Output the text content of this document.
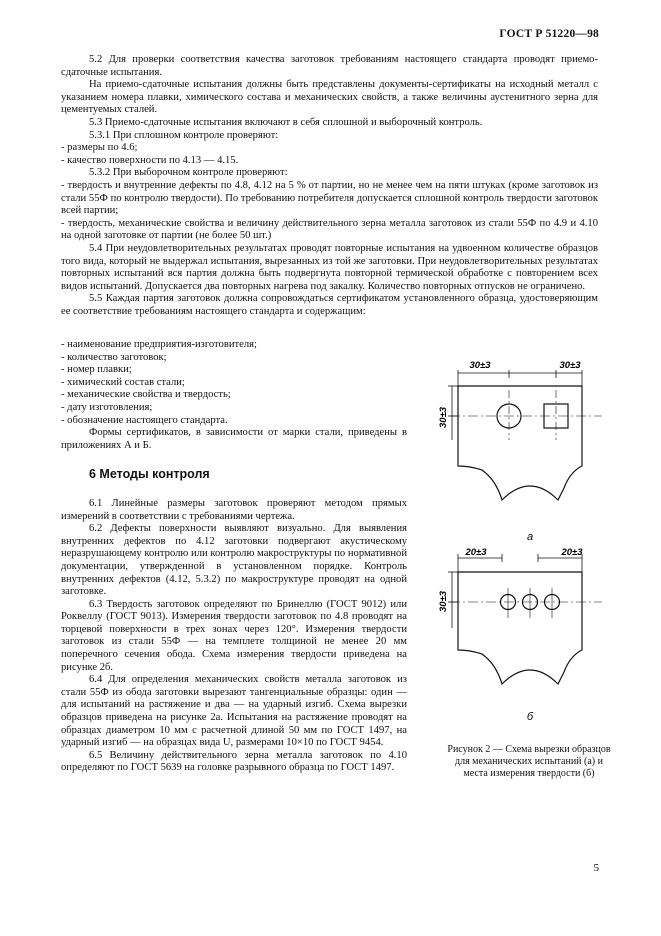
ГОСТ Р 51220—98

5.2 Для проверки соответствия качества заготовок требованиям настоящего стандарта проводят приемо-сдаточные испытания.

На приемо-сдаточные испытания должны быть представлены документы-сертификаты на исходный металл с указанием номера плавки, химического состава и механических свойств, а также величины аустенитного зерна для цементуемых сталей.

5.3 Приемо-сдаточные испытания включают в себя сплошной и выборочный контроль.

5.3.1 При сплошном контроле проверяют:

- размеры по 4.6;

- качество поверхности по 4.13 — 4.15.

5.3.2 При выборочном контроле проверяют:

- твердость и внутренние дефекты по 4.8, 4.12 на 5 % от партии, но не менее чем на пяти штуках (кроме заготовок из стали 55Ф по контролю твердости). По требованию потребителя допускается сплошной контроль твердости заготовок всей партии;

- твердость, механические свойства и величину действительного зерна металла заготовок из стали 55Ф по 4.9 и 4.10 на одной заготовке от партии (не более 50 шт.)

5.4 При неудовлетворительных результатах проводят повторные испытания на удвоенном количестве образцов того вида, который не выдержал испытания, вырезанных из той же заготовки. При неудовлетворительных результатах повторных испытаний вся партия должна быть подвергнута повторной термической обработке с повторением всех видов испытаний. Допускается два повторных нагрева под закалку. Количество повторных отпусков не ограничено.

5.5 Каждая партия заготовок должна сопровождаться сертификатом установленного образца, удостоверяющим ее соответствие требованиям настоящего стандарта и содержащим:

- наименование предприятия-изготовителя;

- количество заготовок;

- номер плавки;

- химический состав стали;

- механические свойства и твердость;

- дату изготовления;

- обозначение настоящего стандарта.

Формы сертификатов, в зависимости от марки стали, приведены в приложениях А и Б.

6 Методы контроля

6.1 Линейные размеры заготовок проверяют методом прямых измерений в соответствии с требованиями чертежа.

6.2 Дефекты поверхности выявляют визуально. Для выявления внутренних дефектов по 4.12 заготовки подвергают акустическому неразрушающему контролю или контролю макроструктуры по нормативной документации, утвержденной в установленном порядке. Контроль внутренних дефектов (4.12, 5.3.2) по макроструктуре проводят на одной заготовке.

6.3 Твердость заготовок определяют по Бринеллю (ГОСТ 9012) или Роквеллу (ГОСТ 9013). Измерения твердости заготовок по 4.8 проводят на торцевой поверхности в трех зонах через 120°. Измерения твердости заготовок из стали 55Ф — на темплете толщиной не менее 20 мм поперечного сечения обода. Схема измерения твердости приведена на рисунке 2б.

6.4 Для определения механических свойств металла заготовок из стали 55Ф из обода заготовки вырезают тангенциальные образцы: один — для испытаний на растяжение и два — на ударный изгиб. Схема вырезки образцов приведена на рисунке 2а. Испытания на растяжение проводят на образцах диаметром 10 мм с расчетной длиной 50 мм по ГОСТ 1497, на ударный изгиб — на образцах вида U, размерами 10×10 по ГОСТ 9454.

6.5 Величину действительного зерна металла заготовок по 4.10 определяют по ГОСТ 5639 на головке разрывного образца по ГОСТ 1497.

30±3	30±3
30±3
а
20±3	20±3
30±3
б
Рисунок 2 — Схема вырезки образцов для механических испытаний (а) и места измерения твердости (б)
5
